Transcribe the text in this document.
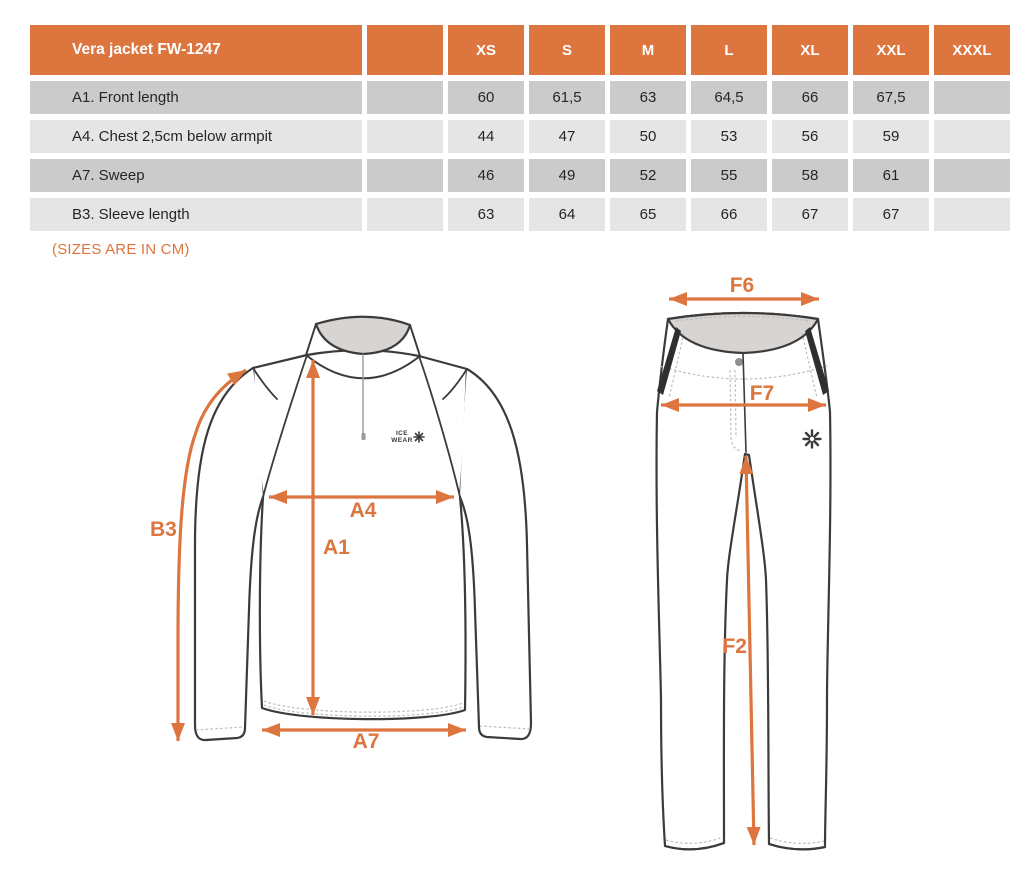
Vera jacket FW-1247		XS	S	M	L	XL	XXL	XXXL
A1. Front length		60	61,5	63	64,5	66	67,5	
A4. Chest 2,5cm below armpit		44	47	50	53	56	59	
A7. Sweep		46	49	52	55	58	61	
B3. Sleeve length		63	64	65	66	67	67	
(SIZES ARE IN CM)
ICE
WEAR
B3
A4
A1
A7
F6
F7
F2
